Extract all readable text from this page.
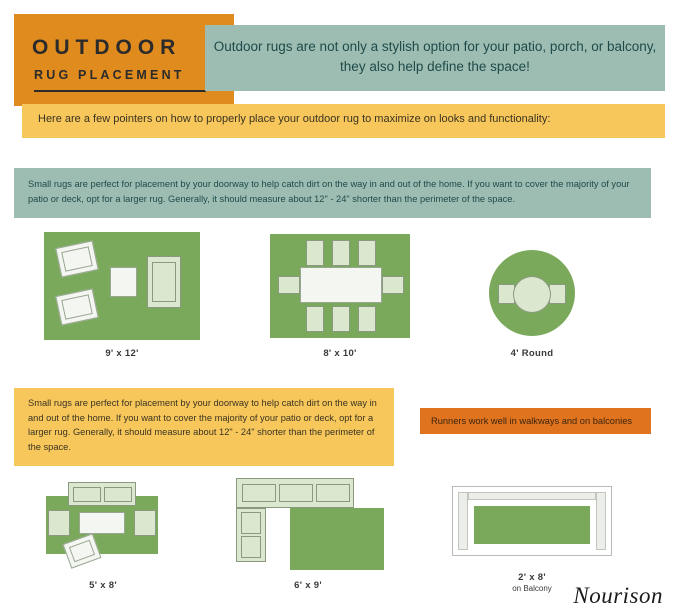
OUTDOOR
RUG PLACEMENT
Outdoor rugs are not only a stylish option for your patio, porch, or balcony, they also help define the space!
Here are a few pointers on how to properly place your outdoor rug to maximize on looks and functionality:
Small rugs are perfect for placement by your doorway to help catch dirt on the way in and out of the home. If you want to cover the majority of your patio or deck, opt for a larger rug. Generally, it should measure about 12" - 24" shorter than the perimeter of the space.
9' x 12'	8' x 10'	4' Round
Small rugs are perfect for placement by your doorway to help catch dirt on the way in and out of the home. If you want to cover the majority of your patio or deck, opt for a larger rug. Generally, it should measure about 12" - 24" shorter than the perimeter of the space.
Runners work well in walkways and on balconies
5' x 8'	6' x 9'
2' x 8'
on Balcony Nourison
